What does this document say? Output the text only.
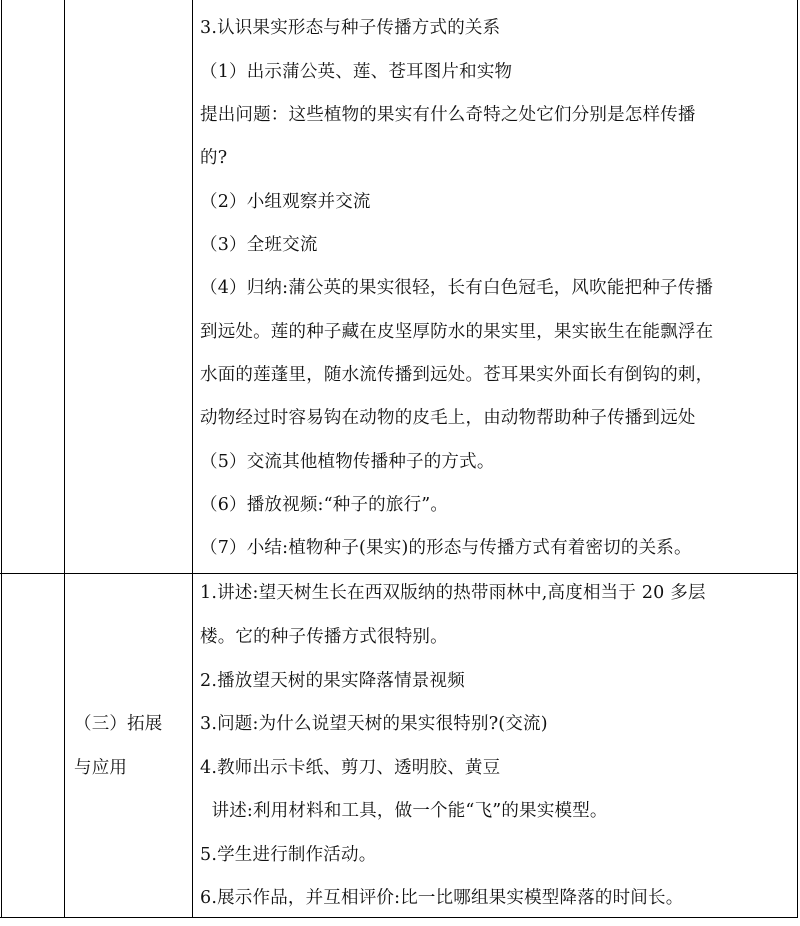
3.认识果实形态与种子传播方式的关系
（1）出示蒲公英、莲、苍耳图片和实物
提出问题：这些植物的果实有什么奇特之处它们分别是怎样传播
的?
（2）小组观察并交流
（3）全班交流
（4）归纳:蒲公英的果实很轻，长有白色冠毛，风吹能把种子传播
到远处。莲的种子藏在皮坚厚防水的果实里，果实嵌生在能飘浮在
水面的莲蓬里，随水流传播到远处。苍耳果实外面长有倒钩的刺，
动物经过时容易钩在动物的皮毛上，由动物帮助种子传播到远处
（5）交流其他植物传播种子的方式。
（6）播放视频:“种子的旅行”。
（7）小结:植物种子(果实)的形态与传播方式有着密切的关系。
（三）拓展
与应用
1.讲述:望天树生长在西双版纳的热带雨林中,高度相当于 20 多层
楼。它的种子传播方式很特别。
2.播放望天树的果实降落情景视频
3.问题:为什么说望天树的果实很特别?(交流)
4.教师出示卡纸、剪刀、透明胶、黄豆
讲述:利用材料和工具，做一个能“飞”的果实模型。
5.学生进行制作活动。
6.展示作品，并互相评价:比一比哪组果实模型降落的时间长。
